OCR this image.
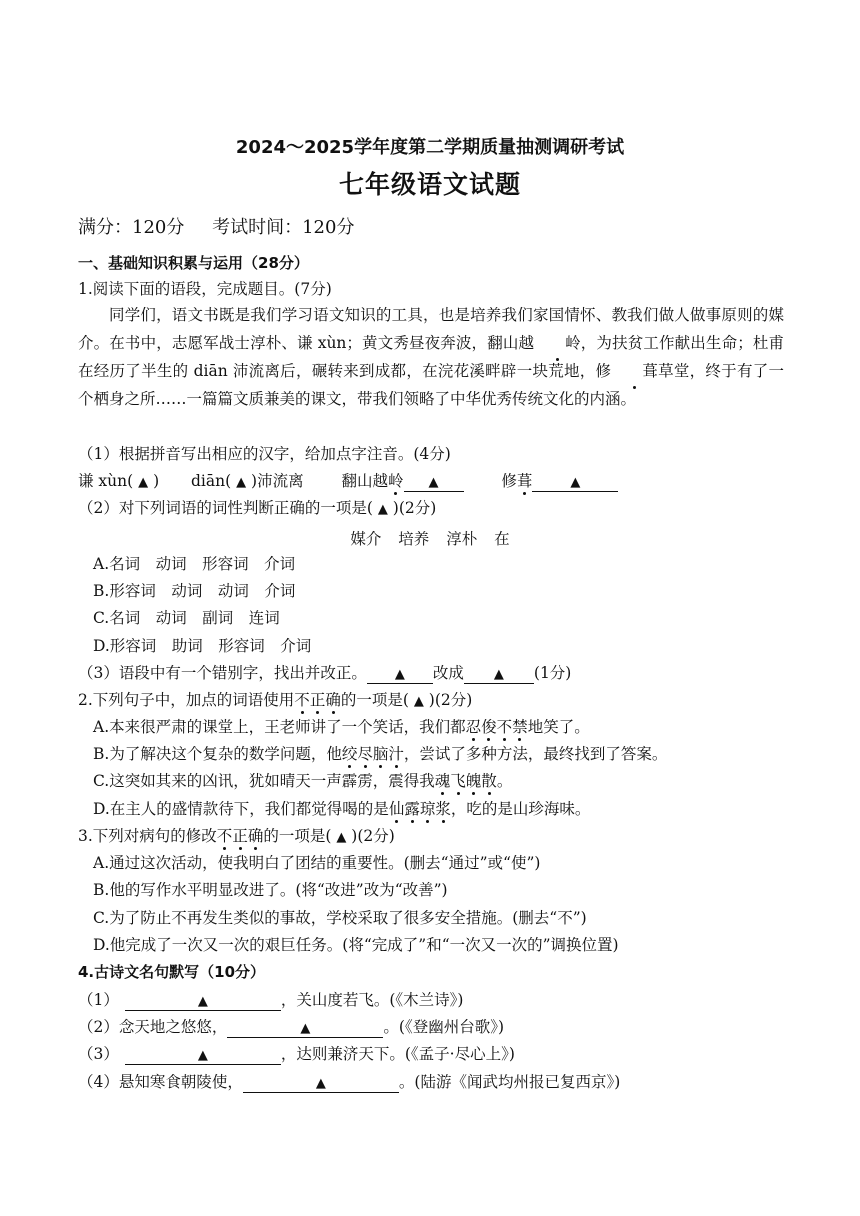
2024～2025学年度第二学期质量抽测调研考试
七年级语文试题
满分：120分 考试时间：120分
一、基础知识积累与运用（28分）
1.阅读下面的语段，完成题目。(7分)
同学们，语文书既是我们学习语文知识的工具，也是培养我们家国情怀、教我们做人做事原则的媒介。在书中，志愿军战士淳朴、谦 xùn；黄文秀昼夜奔波，翻山越 岭，为扶贫工作献出生命；杜甫在经历了半生的 diān 沛流离后，碾转来到成都，在浣花溪畔辟一块荒地，修 葺草堂，终于有了一个栖身之所……一篇篇文质兼美的课文，带我们领略了中华优秀传统文化的内涵。
（1）根据拼音写出相应的汉字，给加点字注音。(4分)
谦 xùn( ▲ ) diān( ▲ )沛流离 翻山越岭 ▲	修葺	▲
（2）对下列词语的词性判断正确的一项是( ▲ )(2分)
媒介 培养 淳朴 在
A.名词　动词　形容词　介词
B.形容词　动词　动词　介词
C.名词　动词　副词　连词
D.形容词　助词　形容词　介词
（3）语段中有一个错别字，找出并改正。 ▲ 改成 ▲ (1分)
2.下列句子中，加点的词语使用不正确的一项是( ▲ )(2分)
A.本来很严肃的课堂上，王老师讲了一个笑话，我们都忍俊不禁地笑了。
B.为了解决这个复杂的数学问题，他绞尽脑汁，尝试了多种方法，最终找到了答案。
C.这突如其来的凶讯，犹如晴天一声霹雳，震得我魂飞魄散。
D.在主人的盛情款待下，我们都觉得喝的是仙露琼浆，吃的是山珍海味。
3.下列对病句的修改不正确的一项是( ▲ )(2分)
A.通过这次活动，使我明白了团结的重要性。(删去“通过”或“使”)
B.他的写作水平明显改进了。(将“改进”改为“改善”)
C.为了防止不再发生类似的事故，学校采取了很多安全措施。(删去“不”)
D.他完成了一次又一次的艰巨任务。(将“完成了”和“一次又一次的”调换位置)
4.古诗文名句默写（10分）
（1）	▲	，关山度若飞。(《木兰诗》)
（2）念天地之悠悠，	▲	。(《登幽州台歌》)
（3）	▲	，达则兼济天下。(《孟子·尽心上》)
（4）悬知寒食朝陵使，	▲	。(陆游《闻武均州报已复西京》)
